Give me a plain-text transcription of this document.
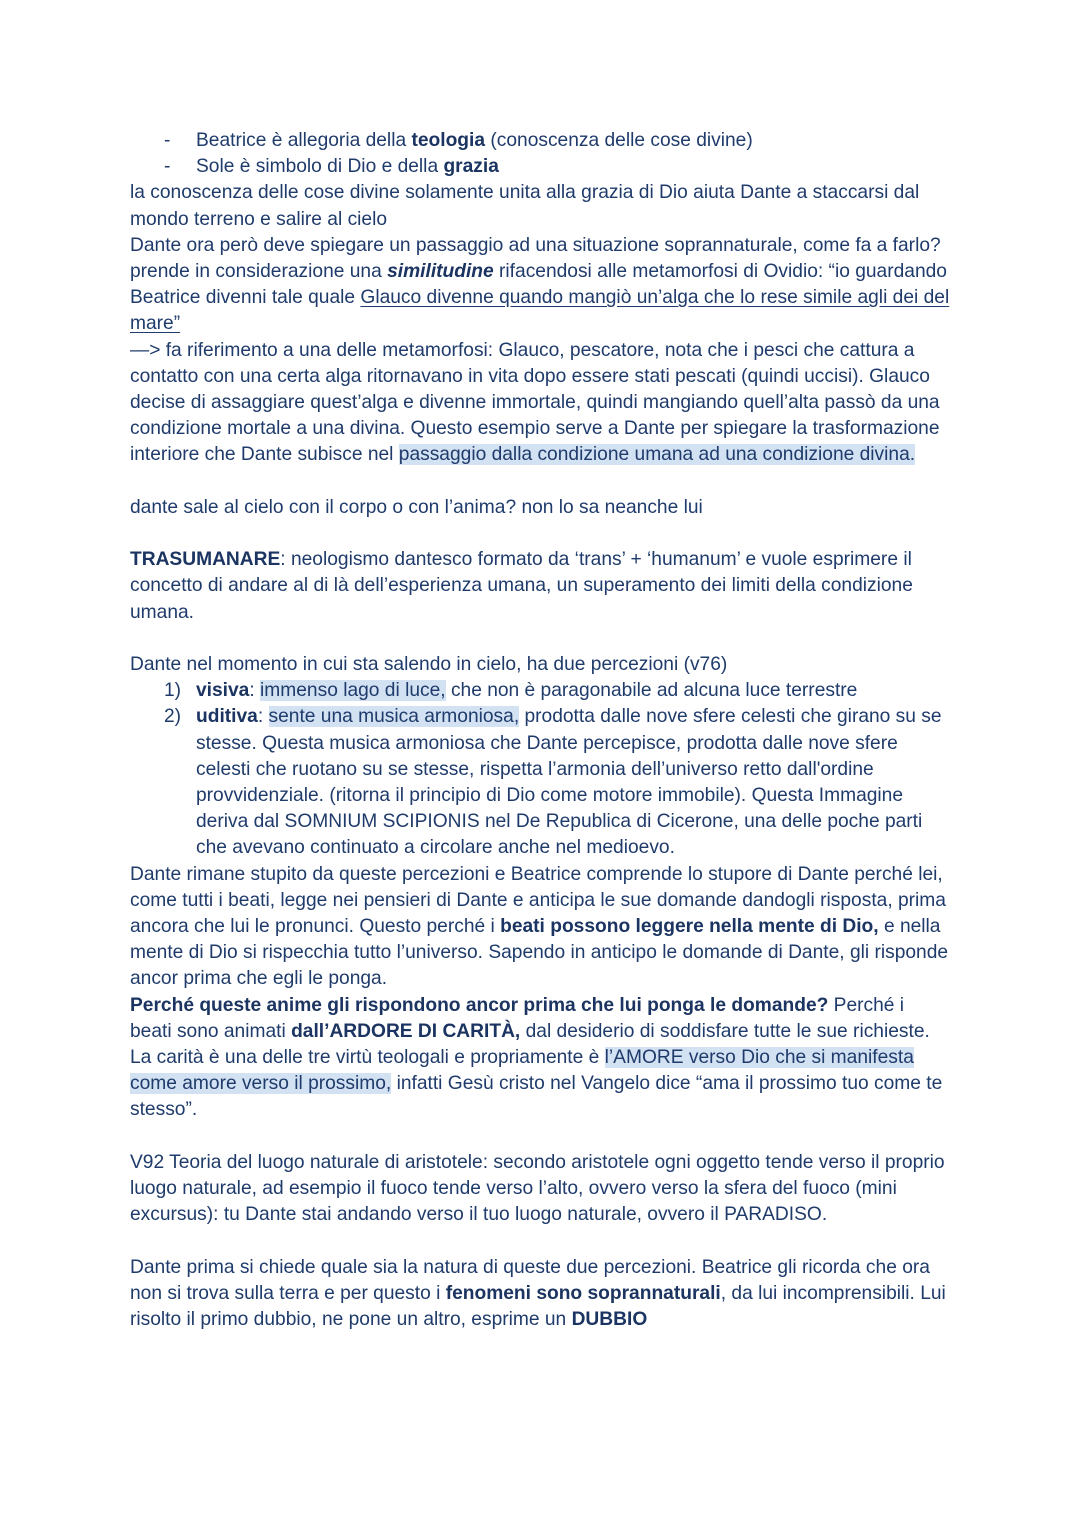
- Beatrice è allegoria della teologia (conoscenza delle cose divine)
- Sole è simbolo di Dio e della grazia

la conoscenza delle cose divine solamente unita alla grazia di Dio aiuta Dante a staccarsi dal mondo terreno e salire al cielo

Dante ora però deve spiegare un passaggio ad una situazione soprannaturale, come fa a farlo? prende in considerazione una similitudine rifacendosi alle metamorfosi di Ovidio: “io guardando Beatrice divenni tale quale Glauco divenne quando mangiò un’alga che lo rese simile agli dei del mare”

—> fa riferimento a una delle metamorfosi: Glauco, pescatore, nota che i pesci che cattura a contatto con una certa alga ritornavano in vita dopo essere stati pescati (quindi uccisi). Glauco decise di assaggiare quest’alga e divenne immortale, quindi mangiando quell’alta passò da una condizione mortale a una divina. Questo esempio serve a Dante per spiegare la trasformazione interiore che Dante subisce nel passaggio dalla condizione umana ad una condizione divina.

dante sale al cielo con il corpo o con l’anima? non lo sa neanche lui

TRASUMANARE: neologismo dantesco formato da ‘trans’ + ‘humanum’ e vuole esprimere il concetto di andare al di là dell’esperienza umana, un superamento dei limiti della condizione umana.

Dante nel momento in cui sta salendo in cielo, ha due percezioni (v76)

1) visiva: immenso lago di luce, che non è paragonabile ad alcuna luce terrestre
2) uditiva: sente una musica armoniosa, prodotta dalle nove sfere celesti che girano su se stesse. Questa musica armoniosa che Dante percepisce, prodotta dalle nove sfere celesti che ruotano su se stesse, rispetta l’armonia dell’universo retto dall'ordine provvidenziale. (ritorna il principio di Dio come motore immobile). Questa Immagine deriva dal SOMNIUM SCIPIONIS nel De Republica di Cicerone, una delle poche parti che avevano continuato a circolare anche nel medioevo.

Dante rimane stupito da queste percezioni e Beatrice comprende lo stupore di Dante perché lei, come tutti i beati, legge nei pensieri di Dante e anticipa le sue domande dandogli risposta, prima ancora che lui le pronunci. Questo perché i beati possono leggere nella mente di Dio, e nella mente di Dio si rispecchia tutto l’universo. Sapendo in anticipo le domande di Dante, gli risponde ancor prima che egli le ponga.

Perché queste anime gli rispondono ancor prima che lui ponga le domande? Perché i beati sono animati dall’ARDORE DI CARITÀ, dal desiderio di soddisfare tutte le sue richieste. La carità è una delle tre virtù teologali e propriamente è l’AMORE verso Dio che si manifesta come amore verso il prossimo, infatti Gesù cristo nel Vangelo dice “ama il prossimo tuo come te stesso”.

V92 Teoria del luogo naturale di aristotele: secondo aristotele ogni oggetto tende verso il proprio luogo naturale, ad esempio il fuoco tende verso l’alto, ovvero verso la sfera del fuoco (mini excursus): tu Dante stai andando verso il tuo luogo naturale, ovvero il PARADISO.

Dante prima si chiede quale sia la natura di queste due percezioni. Beatrice gli ricorda che ora non si trova sulla terra e per questo i fenomeni sono soprannaturali, da lui incomprensibili. Lui risolto il primo dubbio, ne pone un altro, esprime un DUBBIO
